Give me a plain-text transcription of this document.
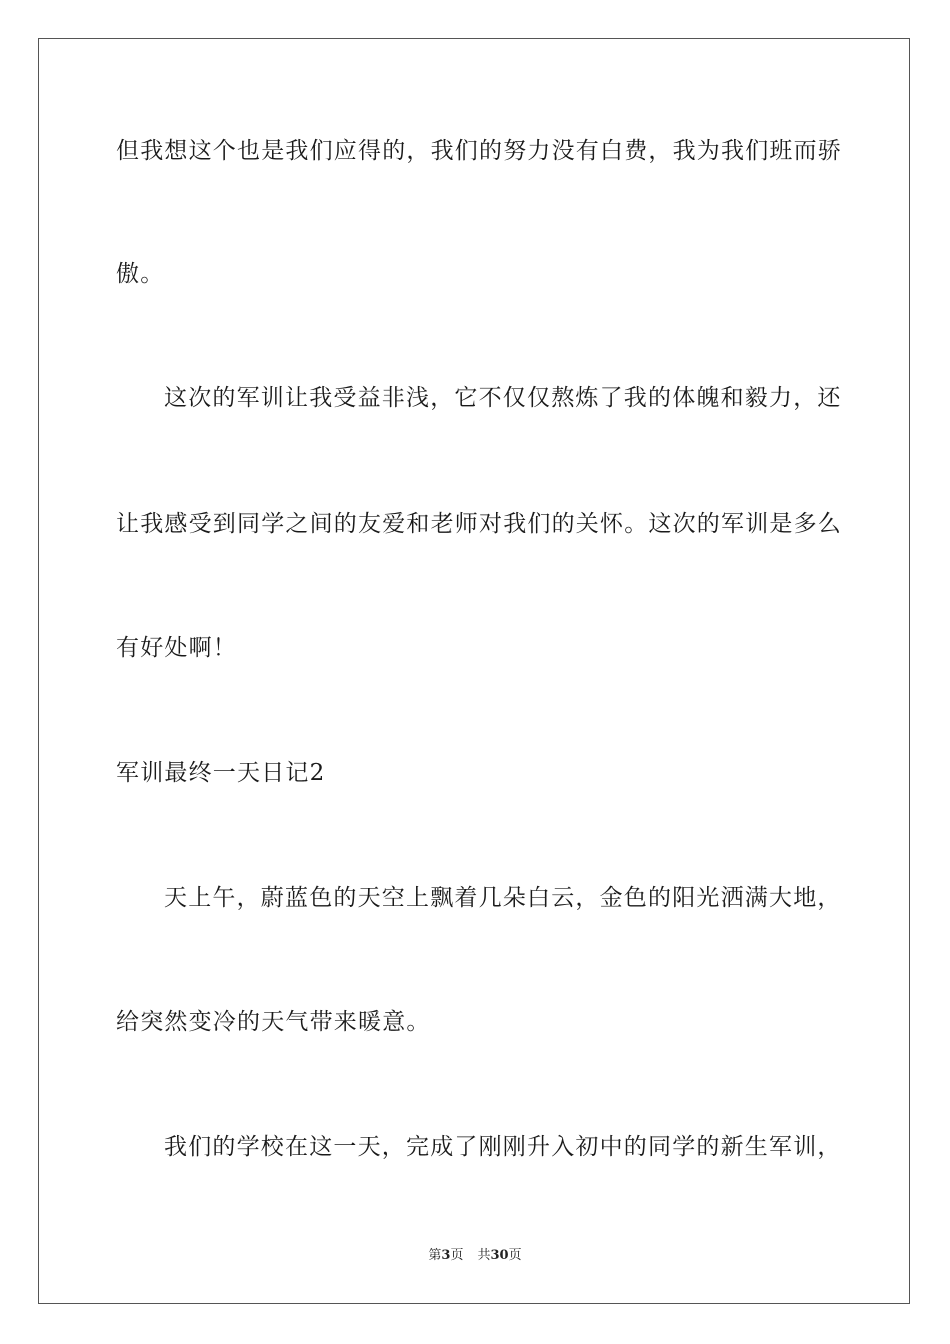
但我想这个也是我们应得的，我们的努力没有白费，我为我们班而骄
傲。
这次的军训让我受益非浅，它不仅仅熬炼了我的体魄和毅力，还
让我感受到同学之间的友爱和老师对我们的关怀。这次的军训是多么
有好处啊！
军训最终一天日记2
天上午，蔚蓝色的天空上飘着几朵白云，金色的阳光洒满大地，
给突然变冷的天气带来暖意。
我们的学校在这一天，完成了刚刚升入初中的同学的新生军训，
第3页 共30页
